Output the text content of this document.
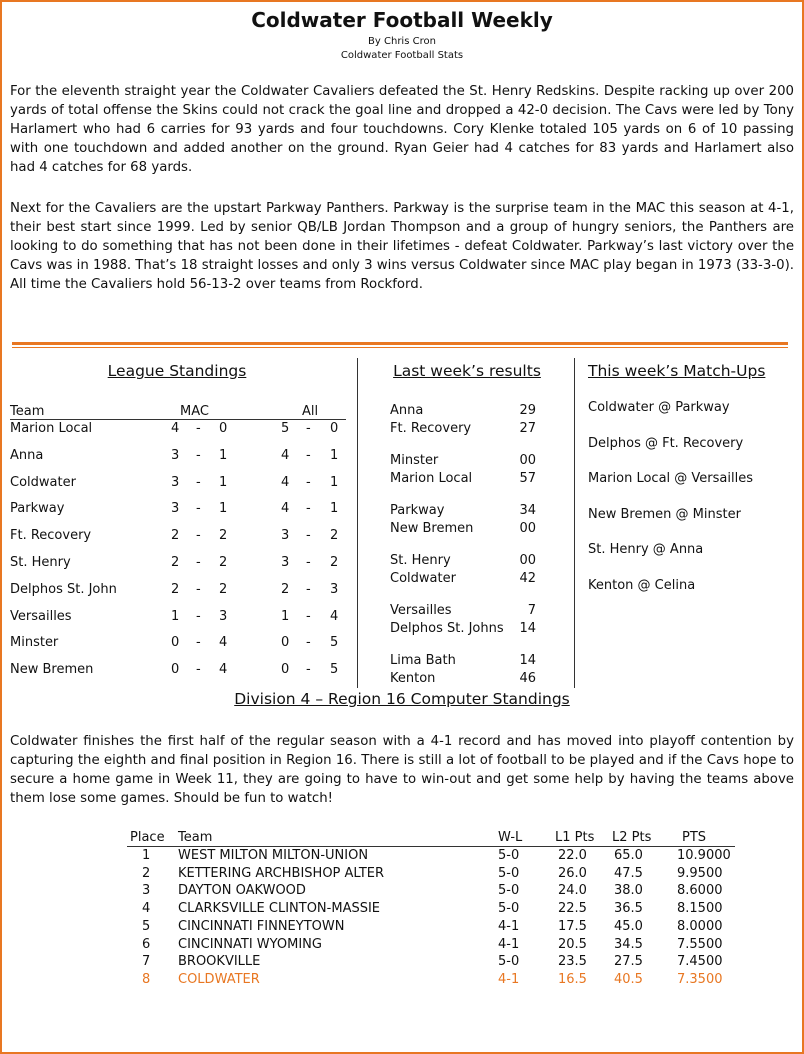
Coldwater Football Weekly
By Chris Cron
Coldwater Football Stats

For the eleventh straight year the Coldwater Cavaliers defeated the St. Henry Redskins. Despite racking up over 200 yards of total offense the Skins could not crack the goal line and dropped a 42-0 decision. The Cavs were led by Tony Harlamert who had 6 carries for 93 yards and four touchdowns. Cory Klenke totaled 105 yards on 6 of 10 passing with one touchdown and added another on the ground. Ryan Geier had 4 catches for 83 yards and Harlamert also had 4 catches for 68 yards.

Next for the Cavaliers are the upstart Parkway Panthers. Parkway is the surprise team in the MAC this season at 4-1, their best start since 1999. Led by senior QB/LB Jordan Thompson and a group of hungry seniors, the Panthers are looking to do something that has not been done in their lifetimes - defeat Coldwater. Parkway’s last victory over the Cavs was in 1988. That’s 18 straight losses and only 3 wins versus Coldwater since MAC play began in 1973 (33-3-0). All time the Cavaliers hold 56-13-2 over teams from Rockford.

League Standings	Last week’s results	This week’s Match-Ups
Team	MAC	All
Marion Local	4 - 0	5 - 0
Anna	3 - 1	4 - 1
Coldwater	3 - 1	4 - 1
Parkway	3 - 1	4 - 1
Ft. Recovery	2 - 2	3 - 2
St. Henry	2 - 2	3 - 2
Delphos St. John	2 - 2	2 - 3
Versailles	1 - 3	1 - 4
Minster	0 - 4	0 - 5
New Bremen	0 - 4	0 - 5
Anna	29
Ft. Recovery	27
Minster	00
Marion Local	57
Parkway	34
New Bremen	00
St. Henry	00
Coldwater	42
Versailles	7
Delphos St. Johns 14
Lima Bath	14
Kenton	46
Coldwater @ Parkway
Delphos @ Ft. Recovery
Marion Local @ Versailles
New Bremen @ Minster
St. Henry @ Anna
Kenton @ Celina
Division 4 – Region 16 Computer Standings

Coldwater finishes the first half of the regular season with a 4-1 record and has moved into playoff contention by capturing the eighth and final position in Region 16. There is still a lot of football to be played and if the Cavs hope to secure a home game in Week 11, they are going to have to win-out and get some help by having the teams above them lose some games. Should be fun to watch!

Place Team	W-L	L1 Pts L2 Pts PTS
1 WEST MILTON MILTON-UNION	5-0	22.0 65.0	10.9000
2 KETTERING ARCHBISHOP ALTER	5-0	26.0 47.5	9.9500
3 DAYTON OAKWOOD	5-0	24.0 38.0	8.6000
4 CLARKSVILLE CLINTON-MASSIE	5-0	22.5 36.5	8.1500
5 CINCINNATI FINNEYTOWN	4-1	17.5 45.0	8.0000
6 CINCINNATI WYOMING	4-1	20.5 34.5	7.5500
7 BROOKVILLE	5-0	23.5 27.5	7.4500
8 COLDWATER	4-1	16.5 40.5	7.3500
